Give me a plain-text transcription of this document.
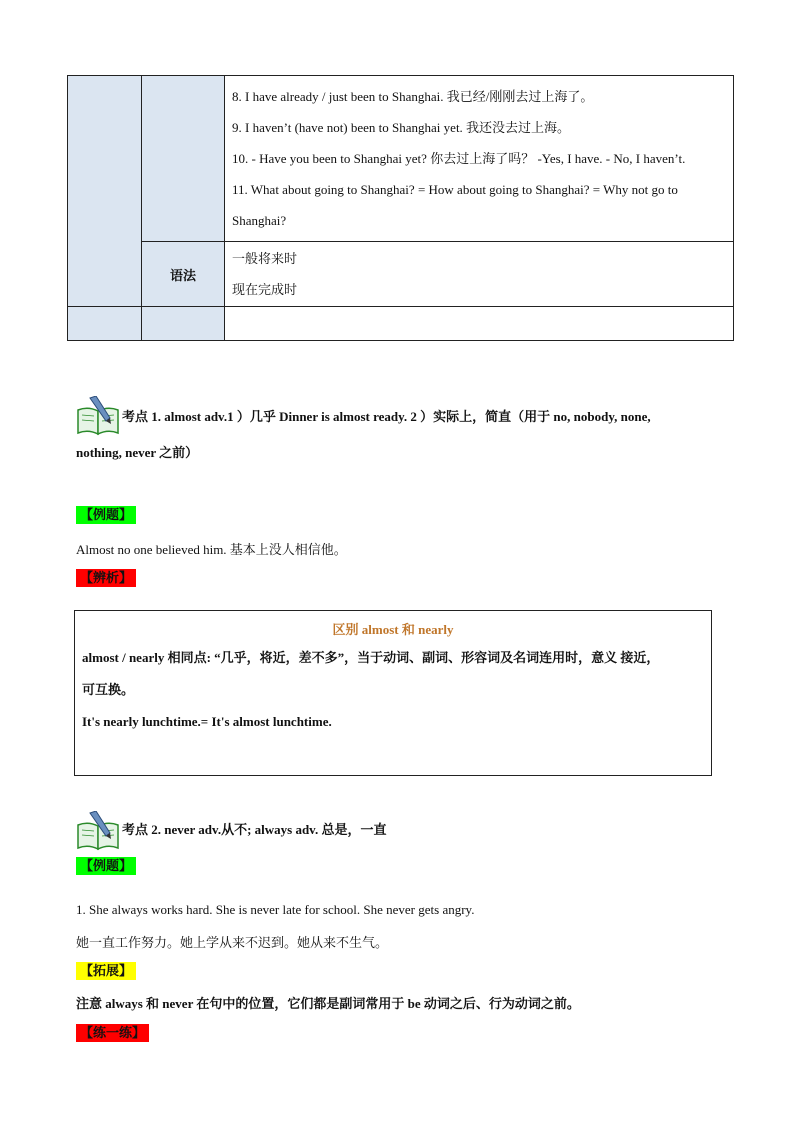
		8. I have already / just been to Shanghai. 我已经/刚刚去过上海了。
9. I haven’t (have not) been to Shanghai yet. 我还没去过上海。
10. - Have you been to Shanghai yet? 你去过上海了吗？ -Yes, I have. - No, I haven’t.
11. What about going to Shanghai? = How about going to Shanghai? = Why not go to
Shanghai?

	语法	一般将来时
现在完成时

考点 1. almost adv.1 ）几乎 Dinner is almost ready. 2 ）实际上，简直（用于 no, nobody, none,
nothing, never 之前）
【例题】
Almost no one believed him. 基本上没人相信他。
【辨析】
区别 almost 和 nearly
almost / nearly 相同点: “几乎，将近，差不多”，当于动词、副词、形容词及名词连用时，意义 接近，
可互换。
It's nearly lunchtime.= It's almost lunchtime.
考点 2. never adv.从不; always adv. 总是，一直
【例题】
1. She always works hard. She is never late for school. She never gets angry.
她一直工作努力。她上学从来不迟到。她从来不生气。
【拓展】
注意 always 和 never 在句中的位置，它们都是副词常用于 be 动词之后、行为动词之前。
【练一练】
